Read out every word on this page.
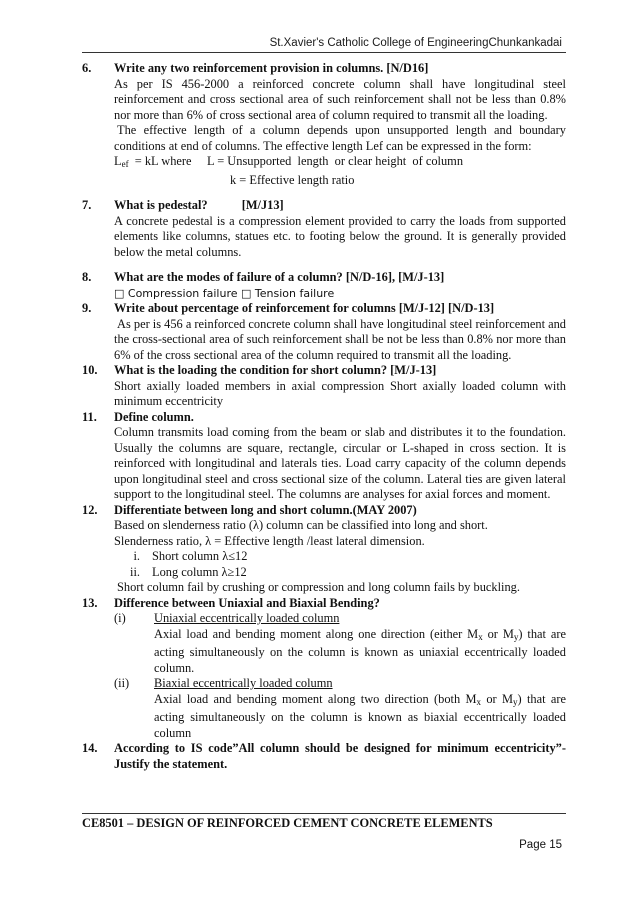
St.Xavier's Catholic College of EngineeringChunkankadai
6.	Write any two reinforcement provision in columns. [N/D16]
As per IS 456-2000 a reinforced concrete column shall have longitudinal steel reinforcement and cross sectional area of such reinforcement shall not be less than 0.8% nor more than 6% of cross sectional area of column required to transmit all the loading.
The effective length of a column depends upon unsupported length and boundary conditions at end of columns. The effective length Lef can be expressed in the form:
$L_{ef}$  = kL where     L = Unsupported  length  or clear height  of column
k = Effective length ratio
7.	What is pedestal?           [M/J13]
A concrete pedestal is a compression element provided to carry the loads from supported elements like columns, statues etc. to footing below the ground. It is generally provided below the metal columns.
8.	What are the modes of failure of a column? [N/D-16], [M/J-13]
□ Compression failure □ Tension failure
9.	Write about percentage of reinforcement for columns [M/J-12] [N/D-13]
As per is 456 a reinforced concrete column shall have longitudinal steel reinforcement and the cross-sectional area of such reinforcement shall be not be less than 0.8% nor more than 6% of the cross sectional area of the column required to transmit all the loading.
10.	What is the loading the condition for short column? [M/J-13]
Short axially loaded members in axial compression Short axially loaded column with minimum eccentricity
11.	Define column.
Column transmits load coming from the beam or slab and distributes it to the foundation. Usually the columns are square, rectangle, circular or L-shaped in cross section. It is reinforced with longitudinal and laterals ties. Load carry capacity of the column depends upon longitudinal steel and cross sectional size of the column. Lateral ties are given lateral support to the longitudinal steel. The columns are analyses for axial forces and moment.
12.	Differentiate between long and short column.(MAY 2007)
Based on slenderness ratio (λ) column can be classified into long and short.
Slenderness ratio, λ = Effective length /least lateral dimension.
i. Short column λ≤12
ii. Long column λ≥12
Short column fail by crushing or compression and long column fails by buckling.
13.	Difference between Uniaxial and Biaxial Bending?
(i)	Uniaxial eccentrically loaded column
Axial load and bending moment along one direction (either $M_x$ or $M_y$) that are acting simultaneously on the column is known as uniaxial eccentrically loaded column.
(ii)	Biaxial eccentrically loaded column
Axial load and bending moment along two direction (both $M_x$ or $M_y$) that are acting simultaneously on the column is known as biaxial eccentrically loaded column
14.	According to IS code”All column should be designed for minimum eccentricity”- Justify the statement.
CE8501 – DESIGN OF REINFORCED CEMENT CONCRETE ELEMENTS
Page 15
